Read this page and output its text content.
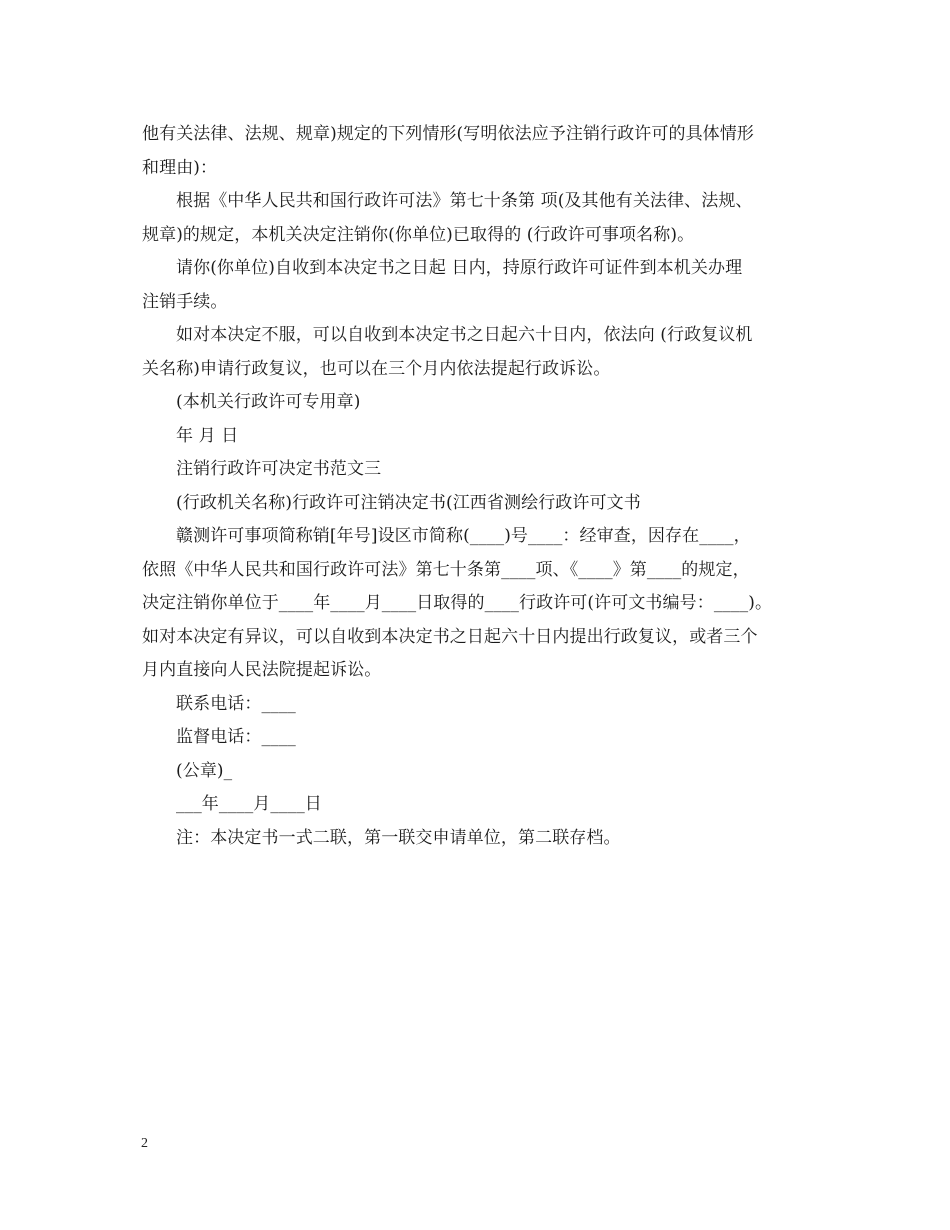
他有关法律、法规、规章)规定的下列情形(写明依法应予注销行政许可的具体情形
和理由)：
根据《中华人民共和国行政许可法》第七十条第 项(及其他有关法律、法规、
规章)的规定，本机关决定注销你(你单位)已取得的 (行政许可事项名称)。
请你(你单位)自收到本决定书之日起 日内，持原行政许可证件到本机关办理
注销手续。
如对本决定不服，可以自收到本决定书之日起六十日内，依法向 (行政复议机
关名称)申请行政复议，也可以在三个月内依法提起行政诉讼。
(本机关行政许可专用章)
年 月 日
注销行政许可决定书范文三
(行政机关名称)行政许可注销决定书(江西省测绘行政许可文书
赣测许可事项简称销[年号]设区市简称(____)号____：经审查，因存在____，
依照《中华人民共和国行政许可法》第七十条第____项、《____》第____的规定，
决定注销你单位于____年____月____日取得的____行政许可(许可文书编号：____)。
如对本决定有异议，可以自收到本决定书之日起六十日内提出行政复议，或者三个
月内直接向人民法院提起诉讼。
联系电话：____
监督电话：____
(公章)_
___年____月____日
注：本决定书一式二联，第一联交申请单位，第二联存档。
2
